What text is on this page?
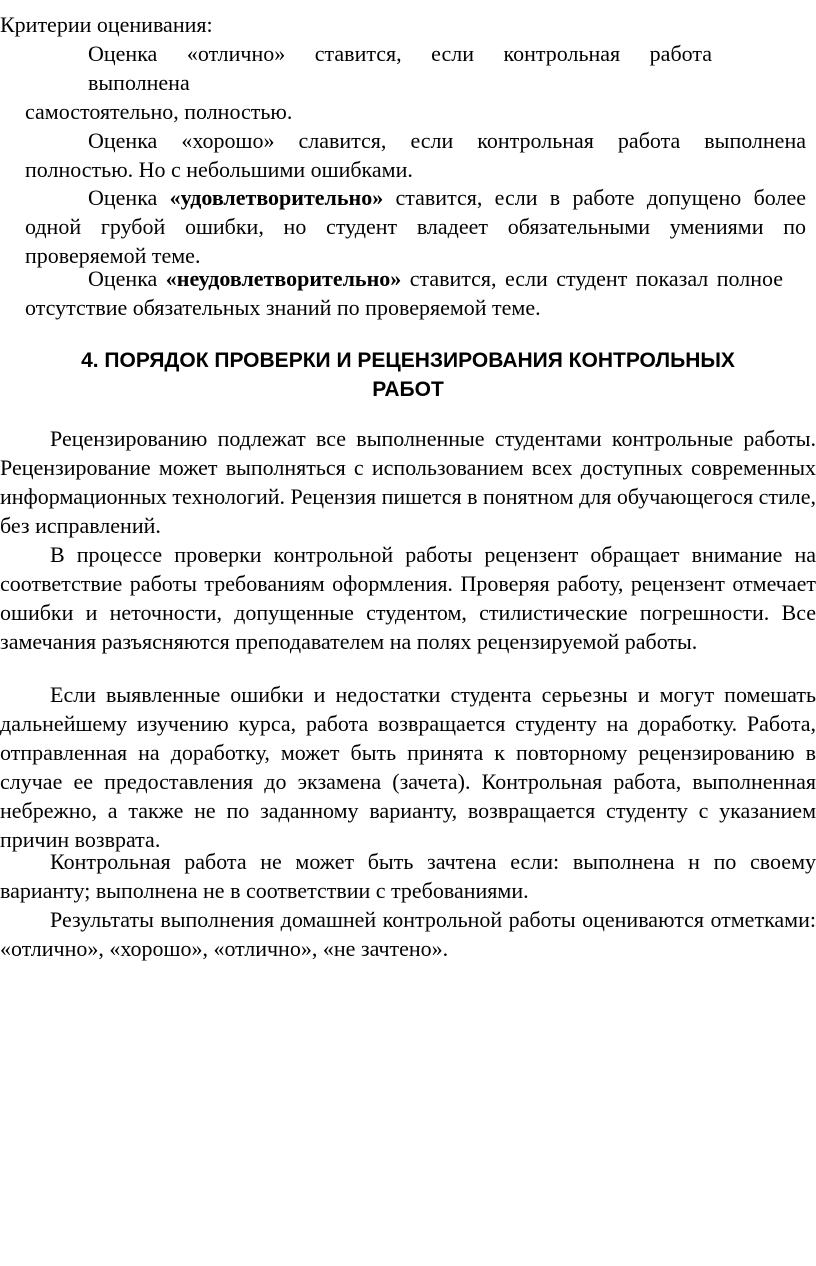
Критерии оценивания:

Оценка «отлично» ставится, если контрольная работа

выполнена

самостоятельно, полностью.

Оценка «хорошо» славится, если контрольная работа выполнена полностью. Но с небольшими ошибками.

Оценка «удовлетворительно» ставится, если в работе допущено более одной грубой ошибки, но студент владеет обязательными умениями по проверяемой теме.

Оценка «неудовлетворительно» ставится, если студент показал полное отсутствие обязательных знаний по проверяемой теме.

4. ПОРЯДОК ПРОВЕРКИ И РЕЦЕНЗИРОВАНИЯ КОНТРОЛЬНЫХ
РАБОТ

Рецензированию подлежат все выполненные студентами контрольные работы. Рецензирование может выполняться с использованием всех доступных современных информационных технологий. Рецензия пишется в понятном для обучающегося стиле, без исправлений.

В процессе проверки контрольной работы рецензент обращает внимание на соответствие работы требованиям оформления. Проверяя работу, рецензент отмечает ошибки и неточности, допущенные студентом, стилистические погрешности. Все замечания разъясняются преподавателем на полях рецензируемой работы.

Если выявленные ошибки и недостатки студента серьезны и могут помешать дальнейшему изучению курса, работа возвращается студенту на доработку. Работа, отправленная на доработку, может быть принята к повторному рецензированию в случае ее предоставления до экзамена (зачета). Контрольная работа, выполненная небрежно, а также не по заданному варианту, возвращается студенту с указанием причин возврата.

Контрольная работа не может быть зачтена если: выполнена н по своему варианту; выполнена не в соответствии с требованиями.

Результаты выполнения домашней контрольной работы оцениваются отметками: «отлично», «хорошо», «отлично», «не зачтено».
